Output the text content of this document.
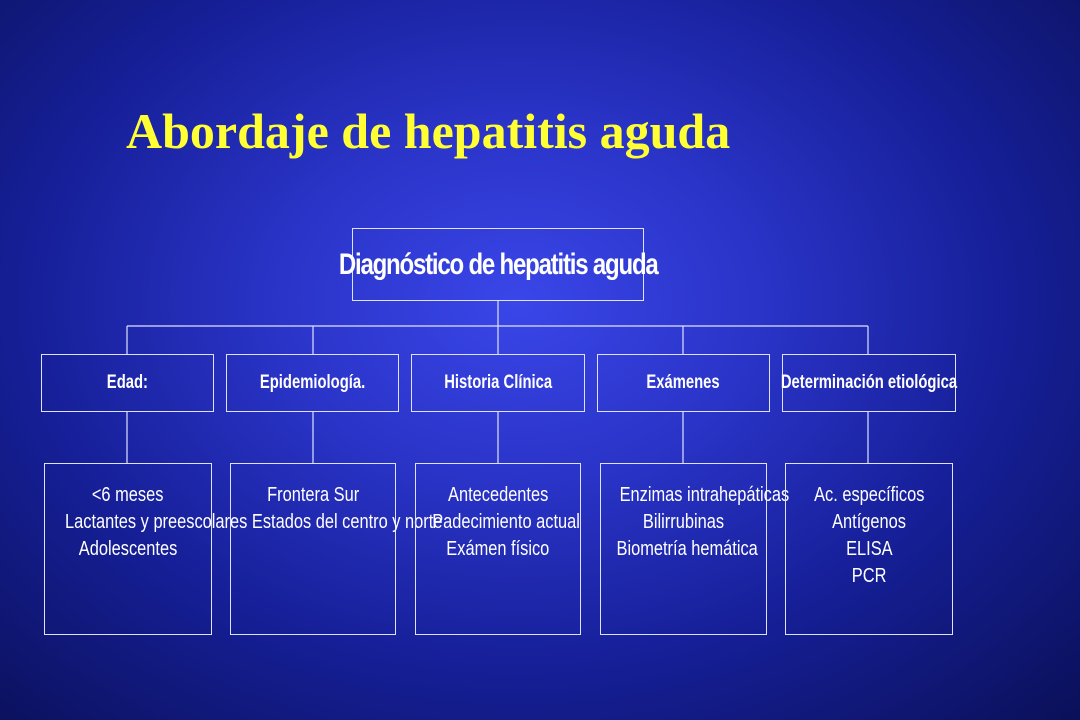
Abordaje de hepatitis aguda
Diagnóstico de hepatitis aguda
Edad:	Epidemiología.	Historia Clínica	Exámenes	Determinación etiológica
<6 meses
Lactantes y preescolares
Adolescentes
Frontera Sur
Estados del centro y norte
Antecedentes
Padecimiento actual
Exámen físico
Enzimas intrahepáticas
Bilirrubinas
Biometría hemática
Ac. específicos
Antígenos
ELISA
PCR
